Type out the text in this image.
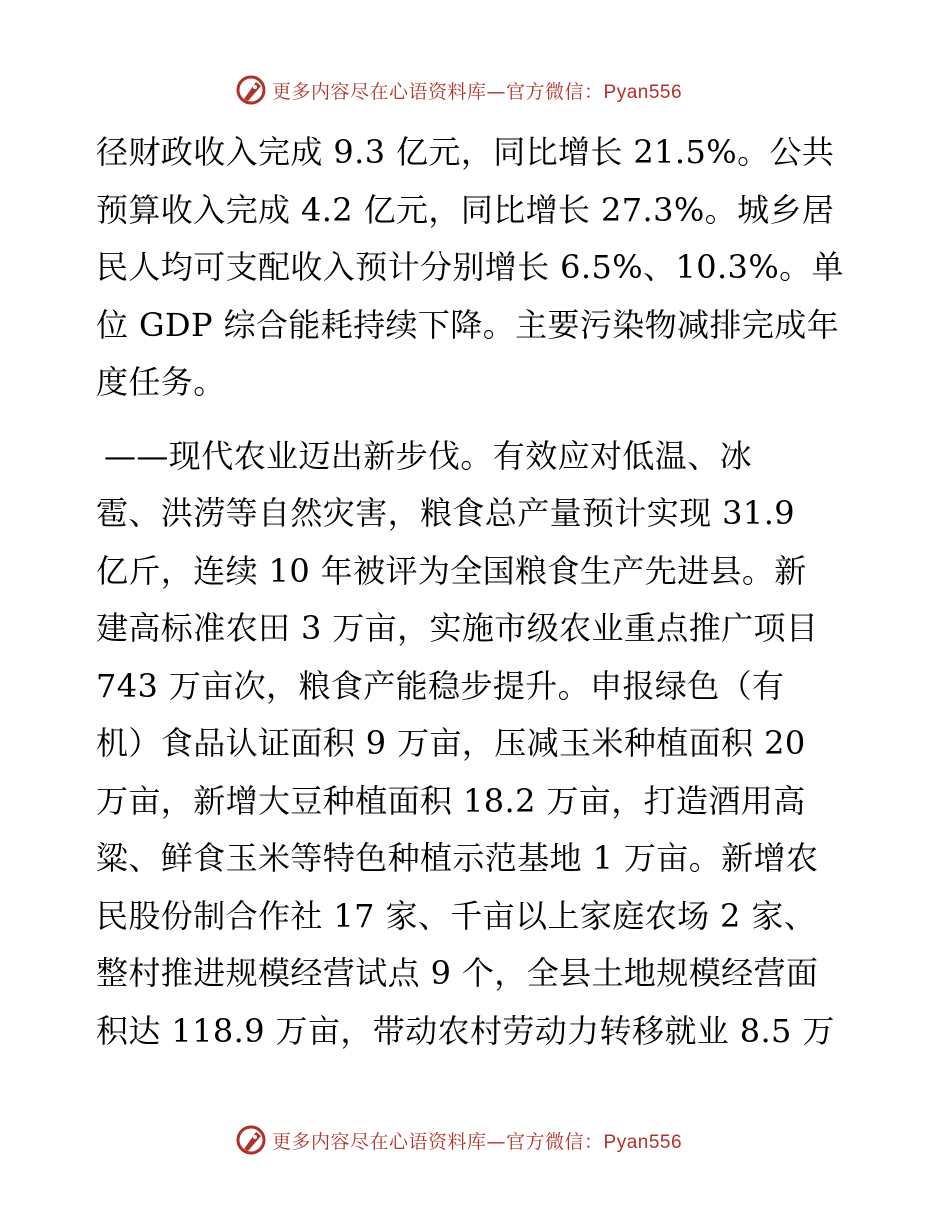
更多内容尽在心语资料库—官方微信：Pyan556
径财政收入完成 9.3 亿元，同比增长 21.5%。公共
预算收入完成 4.2 亿元，同比增长 27.3%。城乡居
民人均可支配收入预计分别增长 6.5%、10.3%。单
位 GDP 综合能耗持续下降。主要污染物减排完成年
度任务。
——现代农业迈出新步伐。有效应对低温、冰
雹、洪涝等自然灾害，粮食总产量预计实现 31.9
亿斤，连续 10 年被评为全国粮食生产先进县。新
建高标准农田 3 万亩，实施市级农业重点推广项目
743 万亩次，粮食产能稳步提升。申报绿色（有
机）食品认证面积 9 万亩，压减玉米种植面积 20
万亩，新增大豆种植面积 18.2 万亩，打造酒用高
粱、鲜食玉米等特色种植示范基地 1 万亩。新增农
民股份制合作社 17 家、千亩以上家庭农场 2 家、
整村推进规模经营试点 9 个，全县土地规模经营面
积达 118.9 万亩，带动农村劳动力转移就业 8.5 万
更多内容尽在心语资料库—官方微信：Pyan556
